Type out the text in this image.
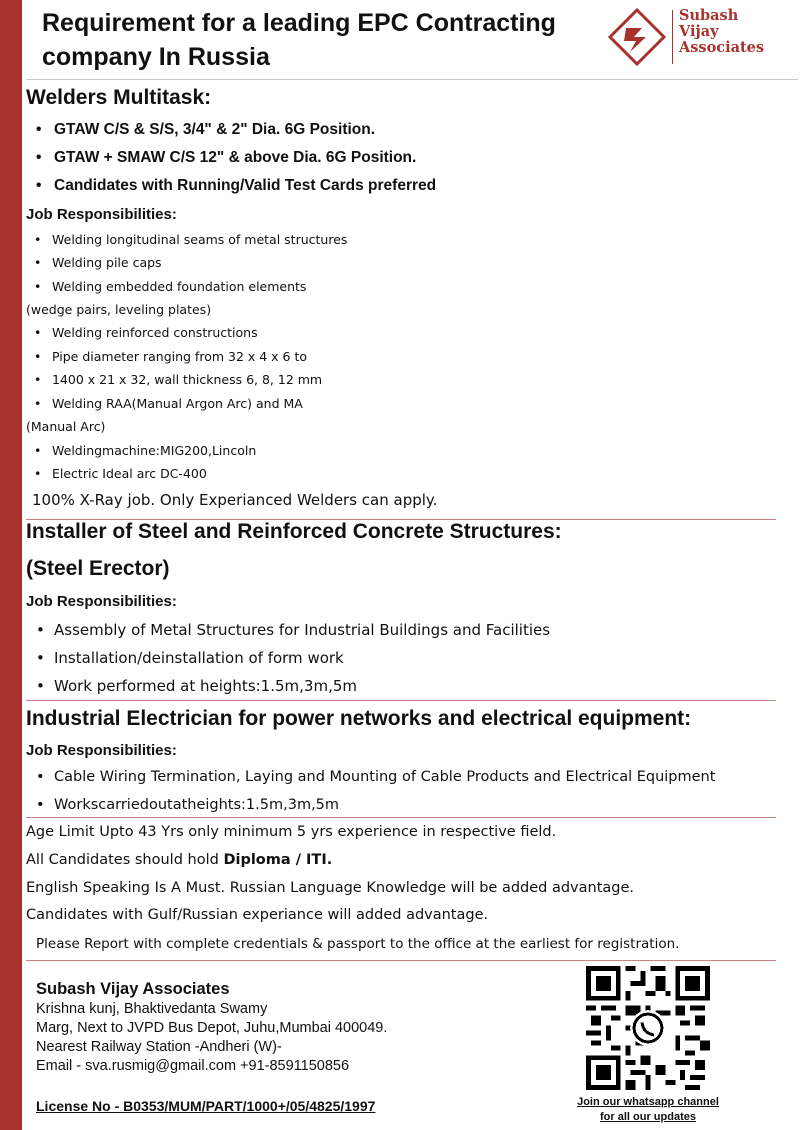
Requirement for a leading EPC Contracting
company In Russia
Subash
Vijay
Associates
Welders Multitask:
• GTAW C/S & S/S, 3/4" & 2" Dia. 6G Position.
• GTAW + SMAW C/S 12" & above Dia. 6G Position.
• Candidates with Running/Valid Test Cards preferred
Job Responsibilities:
• Welding longitudinal seams of metal structures
• Welding pile caps
• Welding embedded foundation elements
(wedge pairs, leveling plates)
• Welding reinforced constructions
• Pipe diameter ranging from 32 x 4 x 6 to
• 1400 x 21 x 32, wall thickness 6, 8, 12 mm
• Welding RAA(Manual Argon Arc) and MA
(Manual Arc)
• Weldingmachine:MIG200,Lincoln
• Electric Ideal arc DC-400
100% X-Ray job. Only Experianced Welders can apply.
Installer of Steel and Reinforced Concrete Structures:
(Steel Erector)
Job Responsibilities:
• Assembly of Metal Structures for Industrial Buildings and Facilities
• Installation/deinstallation of form work
• Work performed at heights:1.5m,3m,5m
Industrial Electrician for power networks and electrical equipment:
Job Responsibilities:
• Cable Wiring Termination, Laying and Mounting of Cable Products and Electrical Equipment
• Workscarriedoutatheights:1.5m,3m,5m
Age Limit Upto 43 Yrs only minimum 5 yrs experience in respective field.
All Candidates should hold Diploma / ITI.
English Speaking Is A Must. Russian Language Knowledge will be added advantage.
Candidates with Gulf/Russian experiance will added advantage.
Please Report with complete credentials & passport to the office at the earliest for registration.
Subash Vijay Associates
Krishna kunj, Bhaktivedanta Swamy
Marg, Next to JVPD Bus Depot, Juhu,Mumbai 400049.
Nearest Railway Station -Andheri (W)-
Email - sva.rusmig@gmail.com +91-8591150856
License No - B0353/MUM/PART/1000+/05/4825/1997	Join our whatsapp channel
for all our updates
